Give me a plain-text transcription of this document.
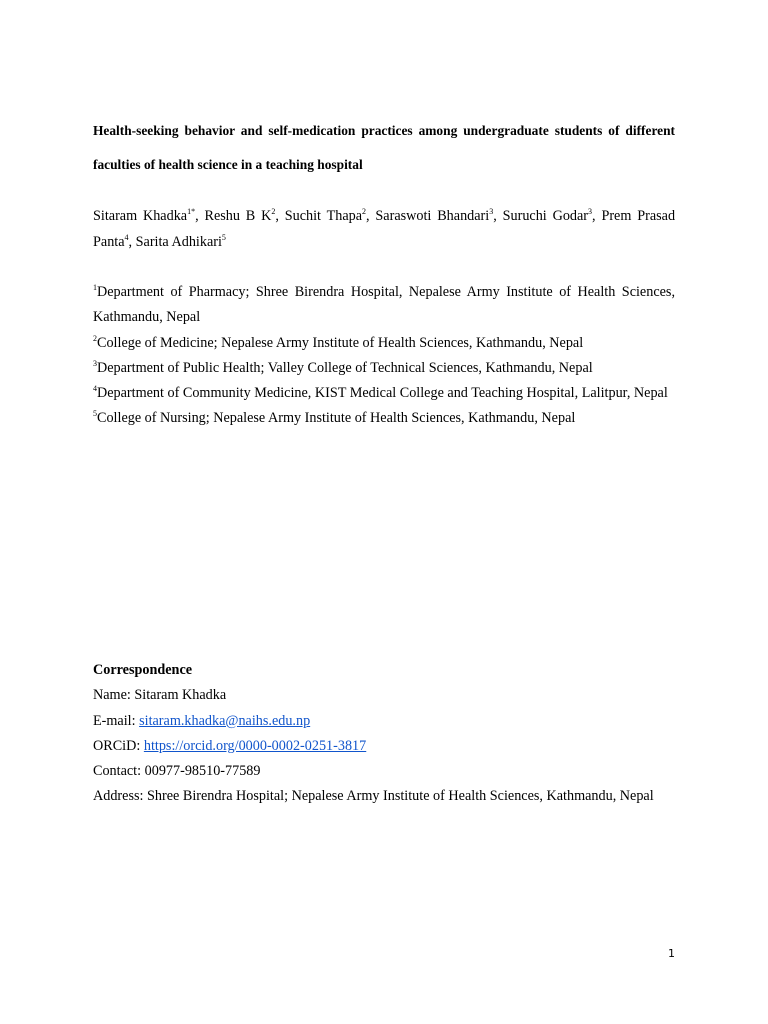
Health-seeking behavior and self-medication practices among undergraduate students of different faculties of health science in a teaching hospital
Sitaram Khadka$^{1*}$, Reshu B $K^2$, Suchit Thapa$^2$, Saraswoti Bhandari$^3$, Suruchi Godar$^3$, Prem Prasad Panta$^4$, Sarita Adhikari$^5$

$^1$Department of Pharmacy; Shree Birendra Hospital, Nepalese Army Institute of Health Sciences, Kathmandu, Nepal

$^2$College of Medicine; Nepalese Army Institute of Health Sciences, Kathmandu, Nepal

$^3$Department of Public Health; Valley College of Technical Sciences, Kathmandu, Nepal

$^4$Department of Community Medicine, KIST Medical College and Teaching Hospital, Lalitpur, Nepal

$^5$College of Nursing; Nepalese Army Institute of Health Sciences, Kathmandu, Nepal

Correspondence

Name: Sitaram Khadka

E-mail: sitaram.khadka@naihs.edu.np

ORCiD: https://orcid.org/0000-0002-0251-3817

Contact: 00977-98510-77589

Address: Shree Birendra Hospital; Nepalese Army Institute of Health Sciences, Kathmandu, Nepal

1
